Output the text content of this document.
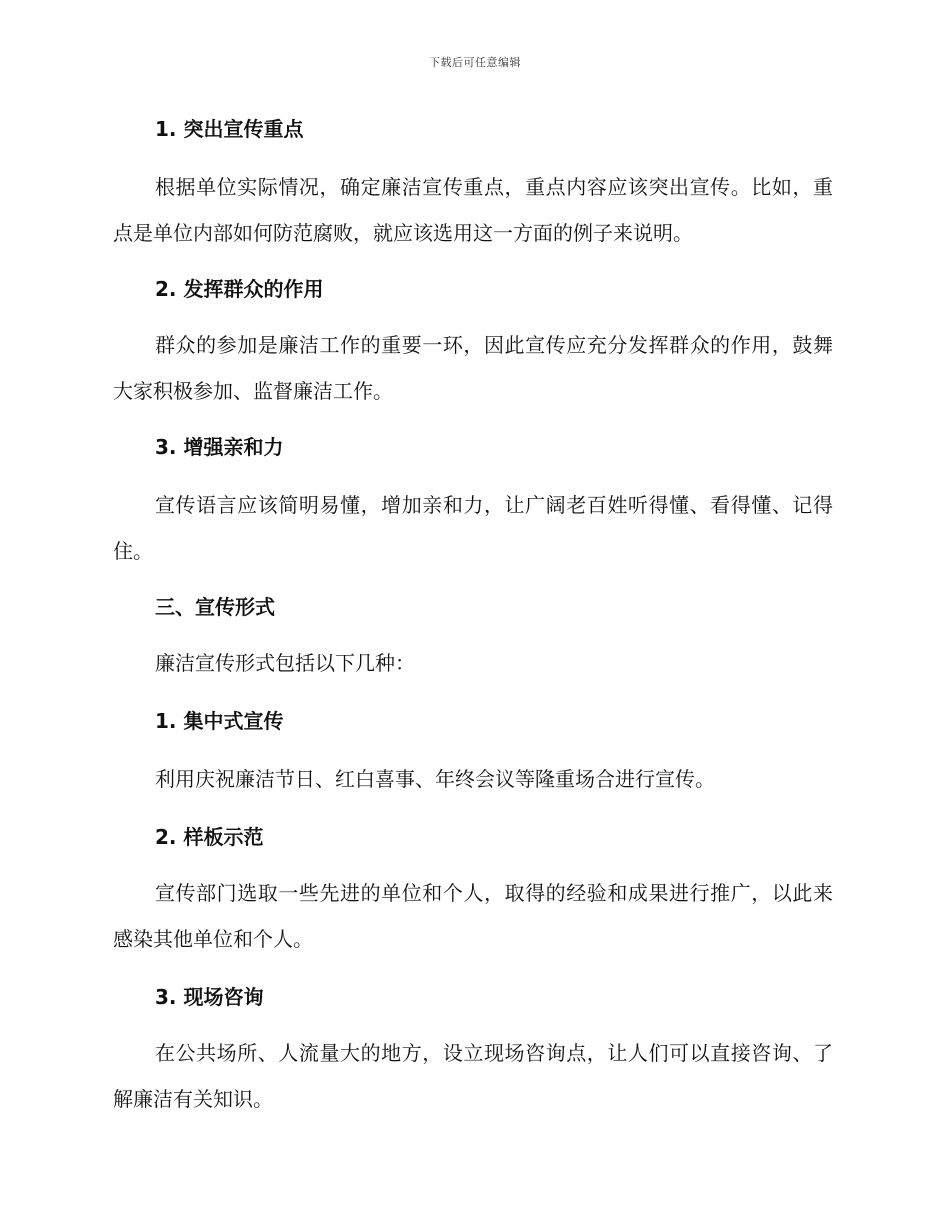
下载后可任意编辑
1. 突出宣传重点
根据单位实际情况，确定廉洁宣传重点，重点内容应该突出宣传。比如，重点是单位内部如何防范腐败，就应该选用这一方面的例子来说明。
2. 发挥群众的作用
群众的参加是廉洁工作的重要一环，因此宣传应充分发挥群众的作用，鼓舞大家积极参加、监督廉洁工作。
3. 增强亲和力
宣传语言应该简明易懂，增加亲和力，让广阔老百姓听得懂、看得懂、记得住。
三、宣传形式
廉洁宣传形式包括以下几种：
1. 集中式宣传
利用庆祝廉洁节日、红白喜事、年终会议等隆重场合进行宣传。
2. 样板示范
宣传部门选取一些先进的单位和个人，取得的经验和成果进行推广，以此来感染其他单位和个人。
3. 现场咨询
在公共场所、人流量大的地方，设立现场咨询点，让人们可以直接咨询、了解廉洁有关知识。
